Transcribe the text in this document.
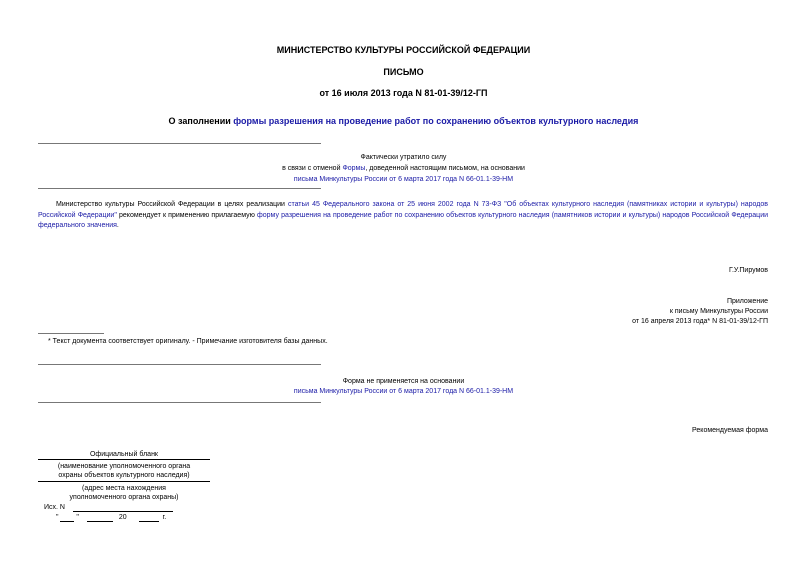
МИНИСТЕРСТВО КУЛЬТУРЫ РОССИЙСКОЙ ФЕДЕРАЦИИ
ПИСЬМО
от 16 июля 2013 года N 81-01-39/12-ГП
О заполнении формы разрешения на проведение работ по сохранению объектов культурного наследия
Фактически утратило силу
в связи с отменой Формы, доведенной настоящим письмом, на основании
письма Минкультуры России от 6 марта 2017 года N 66-01.1-39-НМ
Министерство культуры Российской Федерации в целях реализации статьи 45 Федерального закона от 25 июня 2002 года N 73-ФЗ "Об объектах культурного наследия (памятниках истории и культуры) народов Российской Федерации" рекомендует к применению прилагаемую форму разрешения на проведение работ по сохранению объектов культурного наследия (памятников истории и культуры) народов Российской Федерации федерального значения.
Г.У.Пирумов
Приложение
к письму Минкультуры России
от 16 апреля 2013 года* N 81-01-39/12-ГП
* Текст документа соответствует оригиналу. - Примечание изготовителя базы данных.
Форма не применяется на основании
письма Минкультуры России от 6 марта 2017 года N 66-01.1-39-НМ
Рекомендуемая форма
Официальный бланк
(наименование уполномоченного органа
охраны объектов культурного наследия)
(адрес места нахождения
уполномоченного органа охраны)
Исх. N
"	"	20	г.
